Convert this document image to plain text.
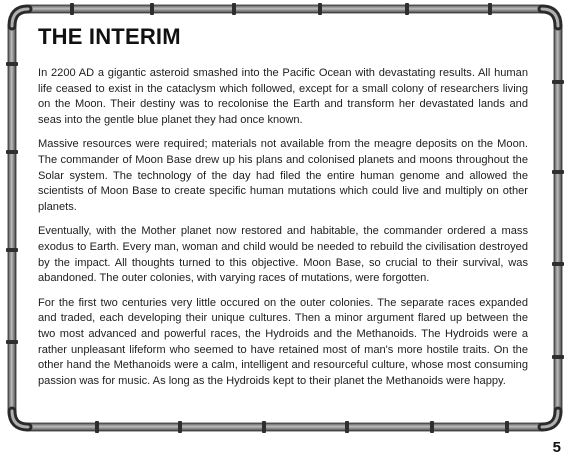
THE INTERIM

In 2200 AD a gigantic asteroid smashed into the Pacific Ocean with devastating results. All human life ceased to exist in the cataclysm which followed, except for a small colony of researchers living on the Moon. Their destiny was to recolonise the Earth and transform her devastated lands and seas into the gentle blue planet they had once known.

Massive resources were required; materials not available from the meagre deposits on the Moon. The commander of Moon Base drew up his plans and colonised planets and moons throughout the Solar system. The technology of the day had filed the entire human genome and allowed the scientists of Moon Base to create specific human mutations which could live and multiply on other planets.

Eventually, with the Mother planet now restored and habitable, the commander ordered a mass exodus to Earth. Every man, woman and child would be needed to rebuild the civilisation destroyed by the impact. All thoughts turned to this objective. Moon Base, so crucial to their survival, was abandoned. The outer colonies, with varying races of mutations, were forgotten.

For the first two centuries very little occured on the outer colonies. The separate races expanded and traded, each developing their unique cultures. Then a minor argument flared up between the two most advanced and powerful races, the Hydroids and the Methanoids. The Hydroids were a rather unpleasant lifeform who seemed to have retained most of man's more hostile traits. On the other hand the Methanoids were a calm, intelligent and resourceful culture, whose most consuming passion was for music. As long as the Hydroids kept to their planet the Methanoids were happy.

5
